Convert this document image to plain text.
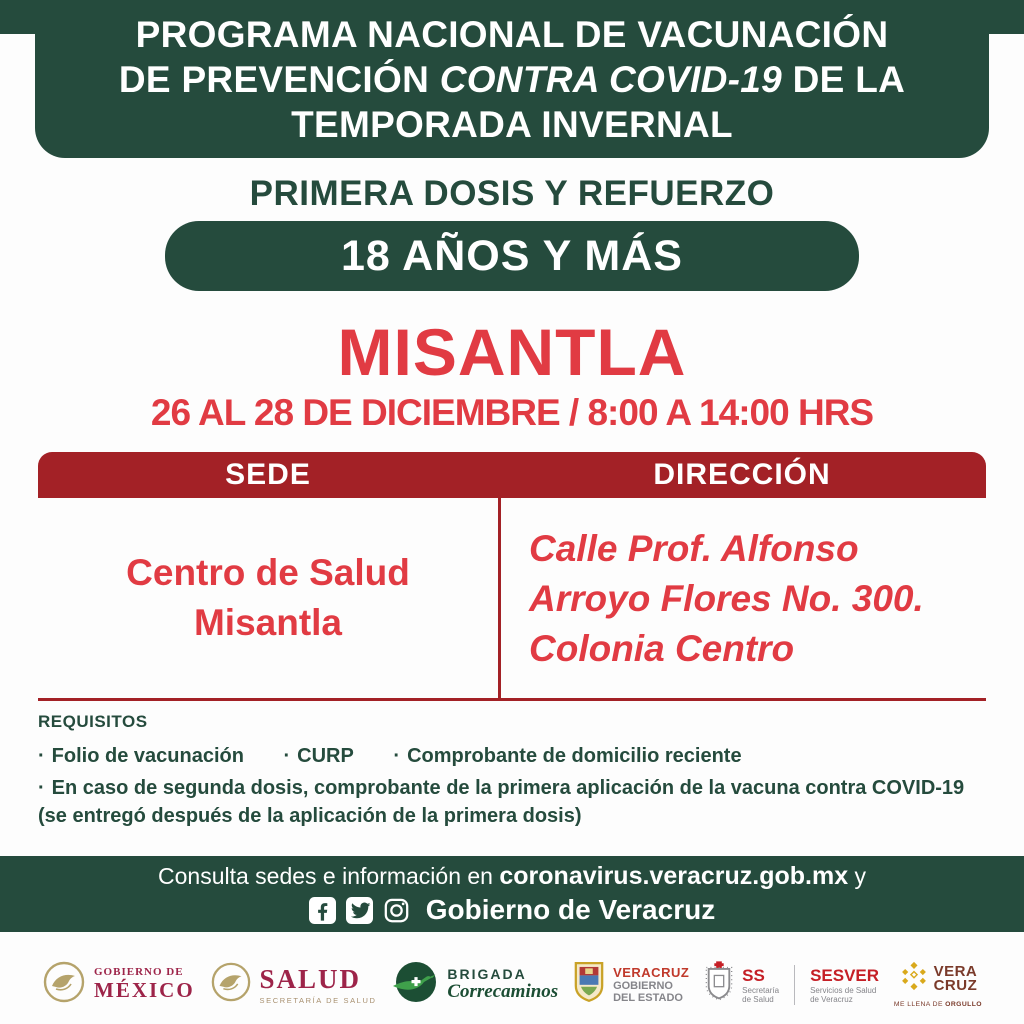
PROGRAMA NACIONAL DE VACUNACIÓN
DE PREVENCIÓN CONTRA COVID-19 DE LA
TEMPORADA INVERNAL
PRIMERA DOSIS Y REFUERZO
18 AÑOS Y MÁS
MISANTLA
26 AL 28 DE DICIEMBRE / 8:00 A 14:00 HRS
SEDE	DIRECCIÓN
Centro de Salud Misantla
Calle Prof. Alfonso Arroyo Flores No. 300. Colonia Centro
REQUISITOS
· Folio de vacunación · CURP · Comprobante de domicilio reciente
· En caso de segunda dosis, comprobante de la primera aplicación de la vacuna contra COVID-19 (se entregó después de la aplicación de la primera dosis)
Consulta sedes e información en coronavirus.veracruz.gob.mx y
Gobierno de Veracruz
GOBIERNO DE
MÉXICO SALUD
SECRETARÍA DE SALUD
BRIGADA
Correcaminos
VERACRUZ
GOBIERNO
DEL ESTADO
SS
Secretaría
de Salud
SESVER
Servicios de Salud
de Veracruz
VERA
CRUZ
ME LLENA DE ORGULLO
